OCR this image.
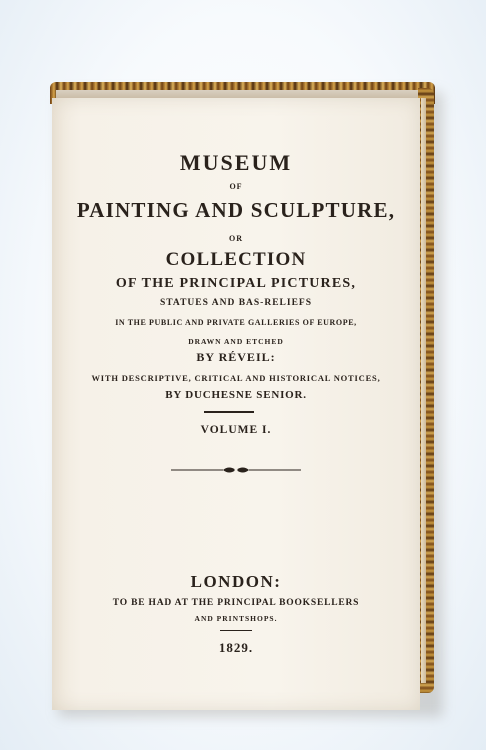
MUSEUM
OF
PAINTING AND SCULPTURE,
OR
COLLECTION
OF THE PRINCIPAL PICTURES,
STATUES AND BAS-RELIEFS
IN THE PUBLIC AND PRIVATE GALLERIES OF EUROPE,
DRAWN AND ETCHED
BY RÉVEIL:
WITH DESCRIPTIVE, CRITICAL AND HISTORICAL NOTICES,
BY DUCHESNE SENIOR.
VOLUME I.
LONDON:
TO BE HAD AT THE PRINCIPAL BOOKSELLERS
AND PRINTSHOPS.
1829.
